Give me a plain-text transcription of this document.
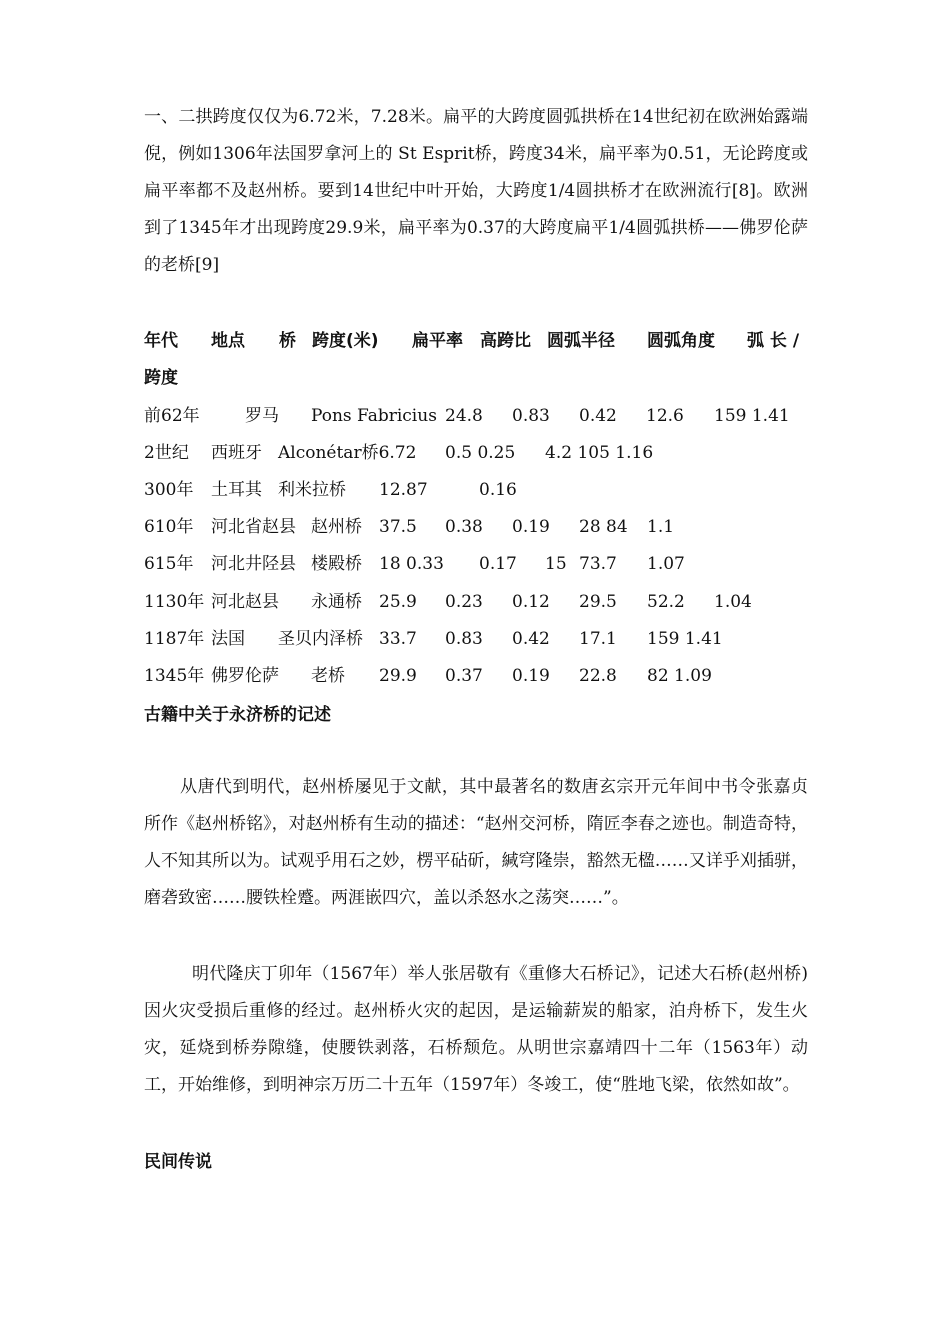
一、二拱跨度仅仅为6.72米，7.28米。扁平的大跨度圆弧拱桥在14世纪初在欧洲始露端倪，例如1306年法国罗拿河上的 St Esprit桥，跨度34米，扁平率为0.51，无论跨度或扁平率都不及赵州桥。要到14世纪中叶开始，大跨度1/4圆拱桥才在欧洲流行[8]。欧洲到了1345年才出现跨度29.9米，扁平率为0.37的大跨度扁平1/4圆弧拱桥——佛罗伦萨的老桥[9]

年代 地点 桥 跨度(米) 扁平率 高跨比 圆弧半径 圆弧角度 弧 长 /
跨度
前62年	罗马 Pons Fabricius 24.8 0.83 0.42 12.6 159 1.41
2世纪 西班牙 Alconétar桥6.72 0.5 0.25 4.2 105 1.16
300年 土耳其 利米拉桥 12.87	0.16
610年 河北省赵县 赵州桥 37.5 0.38 0.19 28 84 1.1
615年 河北井陉县 楼殿桥 18 0.33 0.17 15 73.7 1.07
1130年 河北赵县 永通桥 25.9 0.23 0.12 29.5 52.2 1.04
1187年 法国 圣贝内泽桥 33.7 0.83 0.42 17.1 159 1.41
1345年 佛罗伦萨 老桥 29.9 0.37 0.19 22.8 82 1.09
古籍中关于永济桥的记述

从唐代到明代，赵州桥屡见于文献，其中最著名的数唐玄宗开元年间中书令张嘉贞所作《赵州桥铭》，对赵州桥有生动的描述：“赵州交河桥，隋匠李春之迹也。制造奇特，人不知其所以为。试观乎用石之妙，楞平砧斫，緘穹隆崇，豁然无楹……又详乎刈插骈，磨砻致密……腰铁栓蹙。两涯嵌四穴，盖以杀怒水之荡突……”。

明代隆庆丁卯年（1567年）举人张居敬有《重修大石桥记》，记述大石桥(赵州桥)因火灾受损后重修的经过。赵州桥火灾的起因，是运输薪炭的船家，泊舟桥下，发生火灾，延烧到桥券隙缝，使腰铁剥落，石桥颓危。从明世宗嘉靖四十二年（1563年）动工，开始维修，到明神宗万历二十五年（1597年）冬竣工，使“胜地飞梁，依然如故”。

民间传说
